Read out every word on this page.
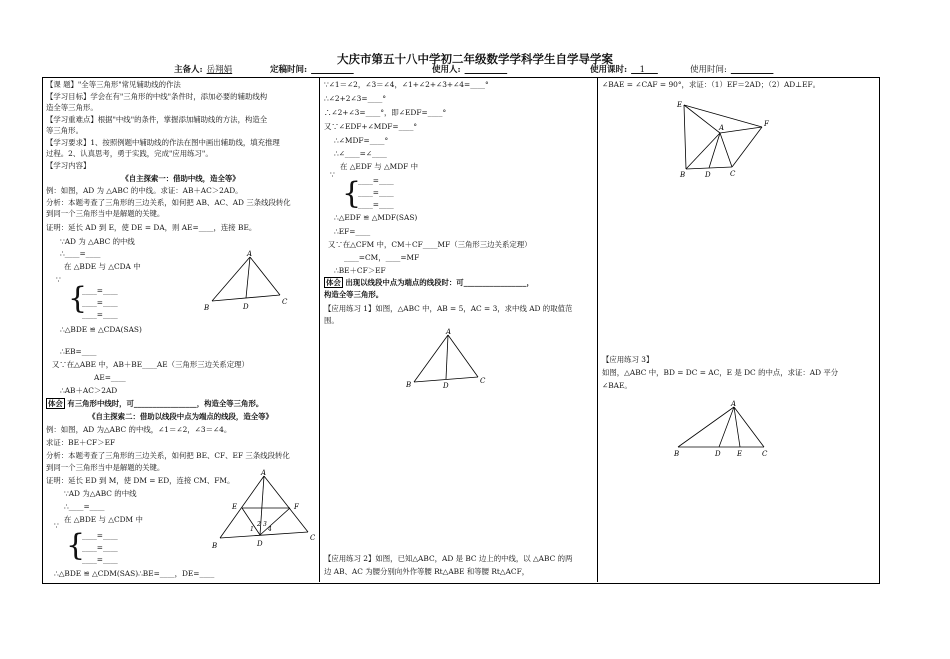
大庆市第五十八中学初二年级数学学科学生自学导学案
主备人: 岳翔娟	定稿时间: __________	使用人: __________	使用课时: __1___	使用时间: __________
【课 题】"全等三角形"常见辅助线的作法
【学习目标】学会在有"三角形的中线"条件时，添加必要的辅助线构
造全等三角形。
【学习重难点】根据"中线"的条件，掌握添加辅助线的方法，构造全
等三角形。
【学习要求】1、按照例题中辅助线的作法在图中画出辅助线，填充推理
过程。2、认真思考，勇于实践，完成"应用练习"。
【学习内容】
《自主探索一：借助中线，造全等》
例：如图，AD 为 △ABC 的中线。求证：AB＋AC＞2AD。
分析：本题考查了三角形的三边关系，如何把 AB、AC、AD 三条线段转化
到同一个三角形当中是解题的关键。
证明：延长 AD 到 E，使 DE = DA，则 AE=____，连接 BE。
∵AD 为 △ABC 的中线
∴____=____
在 △BDE 与 △CDA 中
{
∵
____=____
____=____
____=____
∴△BDE ≌ △CDA(SAS)
∴EB=____
又∵在△ABE 中，AB＋BE____AE（三角形三边关系定理）
AE=____
∴AB＋AC＞2AD
体会 有三角形中线时，可_________________，构造全等三角形。
《自主探索二：借助以线段中点为端点的线段，造全等》
例：如图，AD 为△ABC 的中线，∠1＝∠2，∠3＝∠4。
求证：BE＋CF＞EF
分析：本题考查了三角形的三边关系，如何把 BE、CF、EF 三条线段转化
到同一个三角形当中是解题的关键。
证明：延长 ED 到 M，使 DM = ED，连接 CM、FM。
∵AD 为△ABC 的中线
∴____=____
在 △BDE 与 △CDM 中
∵
{
____=____
____=____
____=____
∴△BDE ≌ △CDM(SAS)∴BE=____，DE=____
A
B	D
C
A
E	F
B	D
C
1
2 3
4
∵∠1＝∠2，∠3＝∠4，∠1+∠2+∠3+∠4=____°
∴∠2+2∠3=____°
∴∠2+∠3=____°，即∠EDF=____°
又∵∠EDF+∠MDF=____°
∴∠MDF=____°
∴∠____=∠____
在 △EDF 与 △MDF 中
∵
{
____=____
____=____
____=____
∴△EDF ≌ △MDF(SAS)
∴EF=____
又∵在△CFM 中，CM＋CF____MF（三角形三边关系定理）
____=CM，____=MF
∴BE＋CF＞EF
体会 出现以线段中点为端点的线段时：可_________________，
构造全等三角形。
【应用练习 1】如图，△ABC 中，AB = 5，AC = 3，求中线 AD 的取值范
围。
【应用练习 2】如图，已知△ABC，AD 是 BC 边上的中线，以 △ABC 的两
边 AB、AC 为腰分别向外作等腰 Rt△ABE 和等腰 Rt△ACF，
A
B	D
C
∠BAE = ∠CAF = 90°，求证：（1）EF＝2AD；（2）AD⊥EF。
【应用练习 3】
如图，△ABC 中，BD = DC = AC，E 是 DC 的中点，求证：AD 平分
∠BAE。
E
A	F
B	D	C
A
B	D E	C
